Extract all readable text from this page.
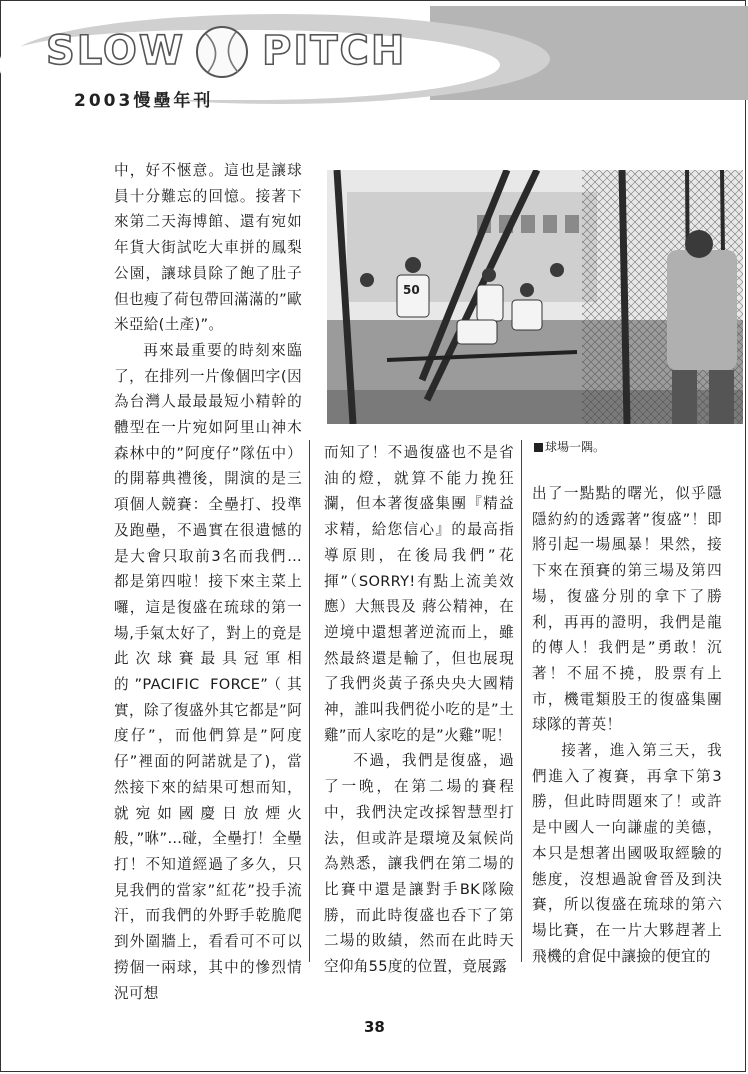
SLOW PITCH
2003慢壘年刊

中，好不愜意。這也是讓球員十分難忘的回憶。接著下來第二天海博館、還有宛如年貨大街試吃大車拼的鳳梨公園，讓球員除了飽了肚子但也瘦了荷包帶回滿滿的”歐米亞給(土產)”。

再來最重要的時刻來臨了，在排列一片像個凹字(因為台灣人最最最短小精幹的體型在一片宛如阿里山神木森林中的”阿度仔”隊伍中）的開幕典禮後，開演的是三項個人競賽：全壘打、投準及跑壘，不過實在很遺憾的是大會只取前3名而我們…都是第四啦！接下來主菜上囉，這是復盛在琉球的第一場,手氣太好了，對上的竟是此次球賽最具冠軍相的”PACIFIC FORCE”（其實，除了復盛外其它都是”阿度仔”，而他們算是”阿度仔”裡面的阿諾就是了)，當然接下來的結果可想而知，就宛如國慶日放煙火般，”咻”…碰，全壘打！全壘打！不知道經過了多久，只見我們的當家”紅花”投手流汗，而我們的外野手乾脆爬到外圍牆上，看看可不可以撈個一兩球，其中的慘烈情況可想

而知了！不過復盛也不是省油的燈，就算不能力挽狂瀾，但本著復盛集團『精益求精，給您信心』的最高指導原則，在後局我們”花揮”（SORRY!有點上流美效應）大無畏及 蔣公精神，在逆境中還想著逆流而上，雖然最終還是輸了，但也展現了我們炎黃子孫央央大國精神，誰叫我們從小吃的是”土雞”而人家吃的是”火雞”呢！

不過，我們是復盛，過了一晚，在第二場的賽程中，我們決定改採智慧型打法，但或許是環境及氣候尚為熟悉，讓我們在第二場的比賽中還是讓對手BK隊險勝，而此時復盛也呑下了第二場的敗績，然而在此時天空仰角55度的位置，竟展露

出了一點點的曙光，似乎隱隱約約的透露著”復盛”！即將引起一場風暴！果然，接下來在預賽的第三場及第四場，復盛分別的拿下了勝利，再再的證明，我們是龍的傳人！我們是”勇敢！沉著！不屈不撓，股票有上市，機電類股王的復盛集團球隊的菁英！

接著，進入第三天，我們進入了複賽，再拿下第3勝，但此時問題來了！或許是中國人一向謙虛的美德，本只是想著出國吸取經驗的態度，沒想過說會晉及到決賽，所以復盛在琉球的第六場比賽，在一片大夥趕著上飛機的倉促中讓撿的便宜的

50
球場一隅。
38
